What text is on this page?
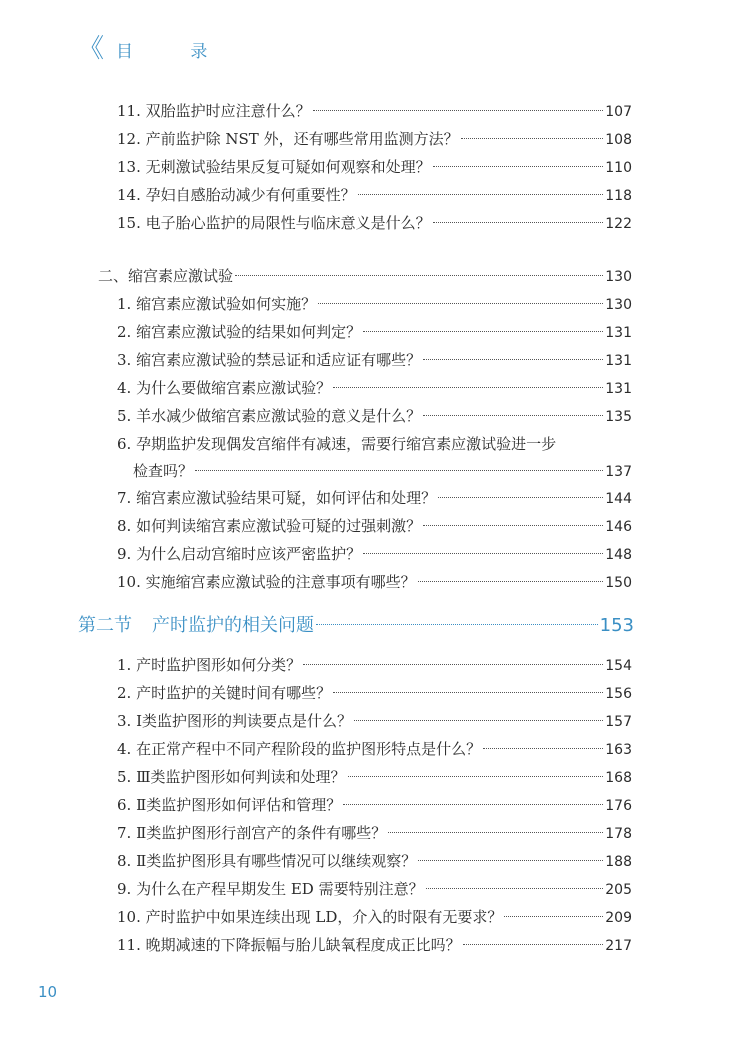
《 目 录
11. 双胎监护时应注意什么？	107
12. 产前监护除 NST 外，还有哪些常用监测方法？	108
13. 无刺激试验结果反复可疑如何观察和处理？	110
14. 孕妇自感胎动减少有何重要性？	118
15. 电子胎心监护的局限性与临床意义是什么？	122
二、缩宫素应激试验	130
1. 缩宫素应激试验如何实施？	130
2. 缩宫素应激试验的结果如何判定？	131
3. 缩宫素应激试验的禁忌证和适应证有哪些？	131
4. 为什么要做缩宫素应激试验？	131
5. 羊水减少做缩宫素应激试验的意义是什么？	135
6. 孕期监护发现偶发宫缩伴有减速，需要行缩宫素应激试验进一步
检查吗？	137
7. 缩宫素应激试验结果可疑，如何评估和处理？	144
8. 如何判读缩宫素应激试验可疑的过强刺激？	146
9. 为什么启动宫缩时应该严密监护？	148
10. 实施缩宫素应激试验的注意事项有哪些？	150
第二节 产时监护的相关问题	153
1. 产时监护图形如何分类？	154
2. 产时监护的关键时间有哪些？	156
3. Ⅰ类监护图形的判读要点是什么？	157
4. 在正常产程中不同产程阶段的监护图形特点是什么？	163
5. Ⅲ类监护图形如何判读和处理？	168
6. Ⅱ类监护图形如何评估和管理？	176
7. Ⅱ类监护图形行剖宫产的条件有哪些？	178
8. Ⅱ类监护图形具有哪些情况可以继续观察？	188
9. 为什么在产程早期发生 ED 需要特别注意？	205
10. 产时监护中如果连续出现 LD，介入的时限有无要求？	209
11. 晚期减速的下降振幅与胎儿缺氧程度成正比吗？	217
10
